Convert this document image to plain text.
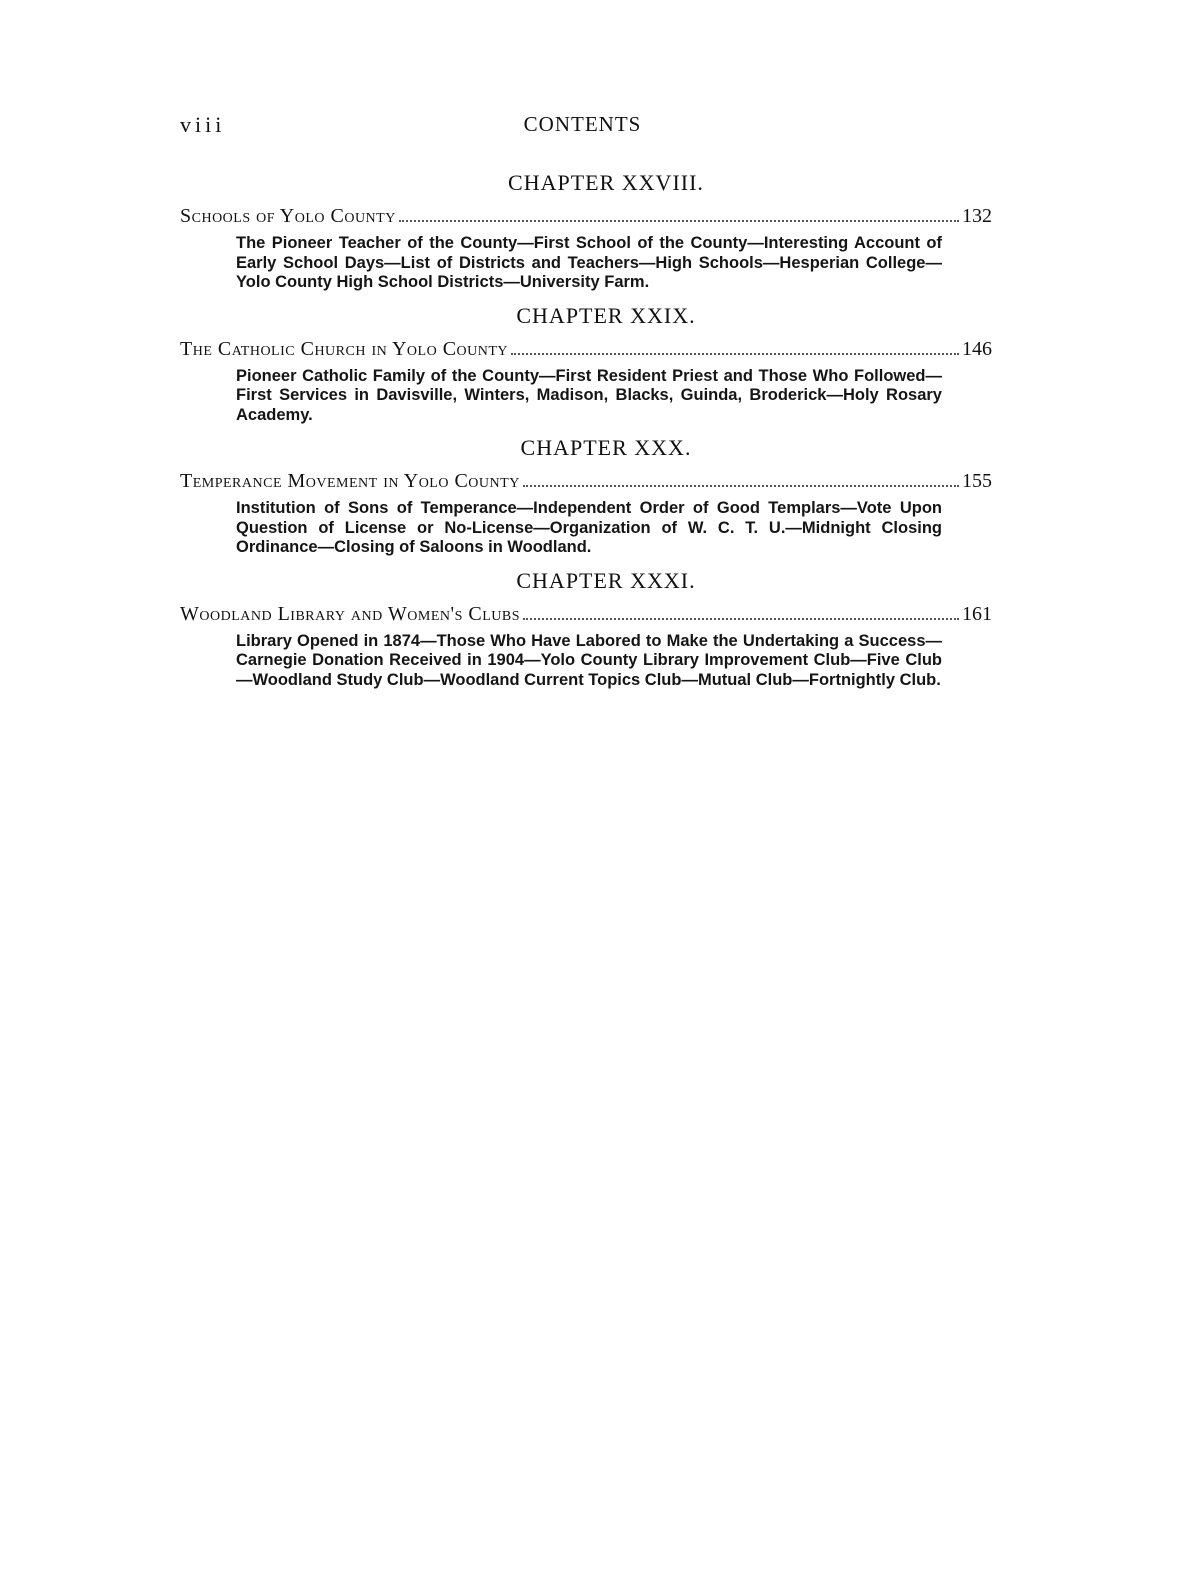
viii	CONTENTS
CHAPTER XXVIII.
Schools of Yolo County	132
The Pioneer Teacher of the County—First School of the County—Interesting Account of Early School Days—List of Districts and Teachers—High Schools—Hesperian College—Yolo County High School Districts—University Farm.
CHAPTER XXIX.
The Catholic Church in Yolo County	146
Pioneer Catholic Family of the County—First Resident Priest and Those Who Followed—First Services in Davisville, Winters, Madison, Blacks, Guinda, Broderick—Holy Rosary Academy.
CHAPTER XXX.
Temperance Movement in Yolo County	155
Institution of Sons of Temperance—Independent Order of Good Templars—Vote Upon Question of License or No-License—Organization of W. C. T. U.—Midnight Closing Ordinance—Closing of Saloons in Woodland.
CHAPTER XXXI.
Woodland Library and Women's Clubs	161
Library Opened in 1874—Those Who Have Labored to Make the Undertaking a Success—Carnegie Donation Received in 1904—Yolo County Library Improvement Club—Five Club—Woodland Study Club—Woodland Current Topics Club—Mutual Club—Fortnightly Club.
